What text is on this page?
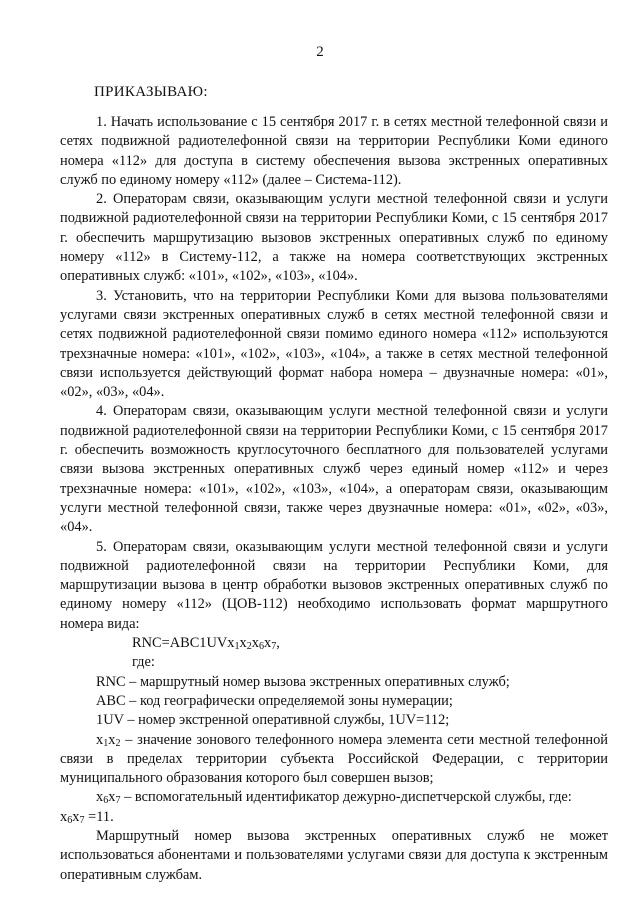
2
ПРИКАЗЫВАЮ:

1. Начать использование с 15 сентября 2017 г. в сетях местной телефонной связи и сетях подвижной радиотелефонной связи на территории Республики Коми единого номера «112» для доступа в систему обеспечения вызова экстренных оперативных служб по единому номеру «112» (далее – Система-112).

2. Операторам связи, оказывающим услуги местной телефонной связи и услуги подвижной радиотелефонной связи на территории Республики Коми, с 15 сентября 2017 г. обеспечить маршрутизацию вызовов экстренных оперативных служб по единому номеру «112» в Систему-112, а также на номера соответствующих экстренных оперативных служб: «101», «102», «103», «104».

3. Установить, что на территории Республики Коми для вызова пользователями услугами связи экстренных оперативных служб в сетях местной телефонной связи и сетях подвижной радиотелефонной связи помимо единого номера «112» используются трехзначные номера: «101», «102», «103», «104», а также в сетях местной телефонной связи используется действующий формат набора номера – двузначные номера: «01», «02», «03», «04».

4. Операторам связи, оказывающим услуги местной телефонной связи и услуги подвижной радиотелефонной связи на территории Республики Коми, с 15 сентября 2017 г. обеспечить возможность круглосуточного бесплатного для пользователей услугами связи вызова экстренных оперативных служб через единый номер «112» и через трехзначные номера: «101», «102», «103», «104», а операторам связи, оказывающим услуги местной телефонной связи, также через двузначные номера: «01», «02», «03», «04».

5. Операторам связи, оказывающим услуги местной телефонной связи и услуги подвижной радиотелефонной связи на территории Республики Коми, для маршрутизации вызова в центр обработки вызовов экстренных оперативных служб по единому номеру «112» (ЦОВ-112) необходимо использовать формат маршрутного номера вида:

$RNC=ABC1UVx_1x_2x_6x_7$,

где:

RNC – маршрутный номер вызова экстренных оперативных служб;

ABC – код географически определяемой зоны нумерации;

1UV – номер экстренной оперативной службы, 1UV=112;

$x_1x_2$ – значение зонового телефонного номера элемента сети местной телефонной связи в пределах территории субъекта Российской Федерации, с территории муниципального образования которого был совершен вызов;

$x_6x_7$ – вспомогательный идентификатор дежурно-диспетчерской службы, где:

$x_6x_7 =11$.

Маршрутный номер вызова экстренных оперативных служб не может использоваться абонентами и пользователями услугами связи для доступа к экстренным оперативным службам.
